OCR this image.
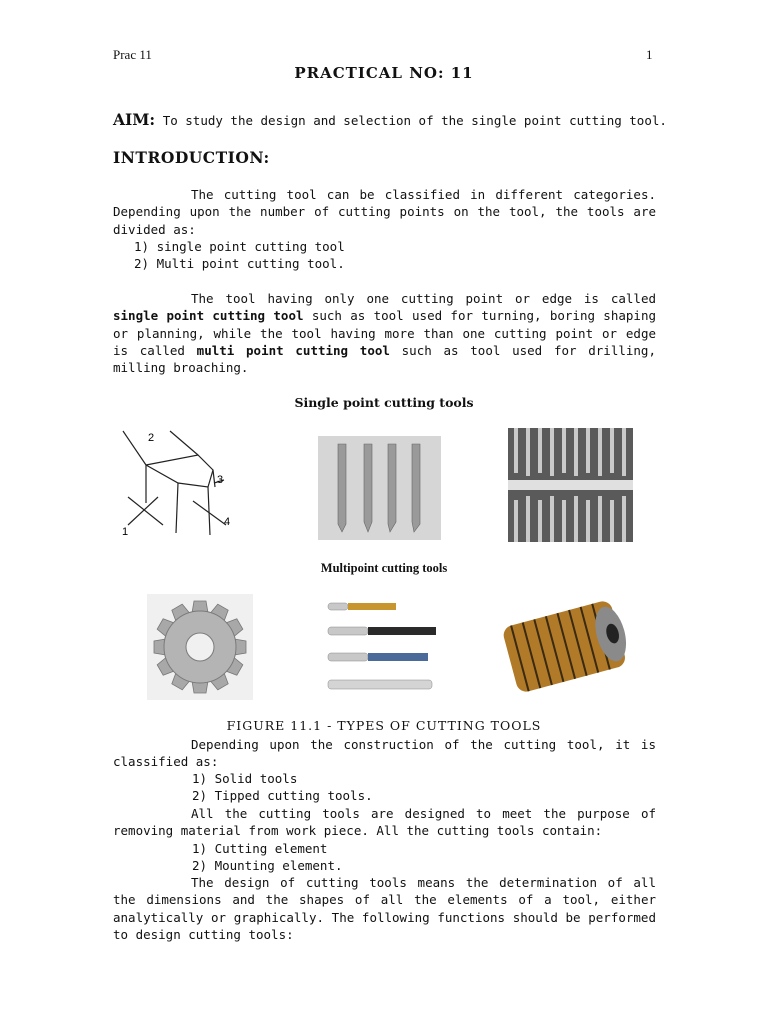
Prac 11	1
PRACTICAL NO: 11
AIM: To study the design and selection of the single point cutting tool.
INTRODUCTION:
The cutting tool can be classified in different categories. Depending upon the number of cutting points on the tool, the tools are divided as:
1) single point cutting tool
2) Multi point cutting tool.
The tool having only one cutting point or edge is called single point cutting tool such as tool used for turning, boring shaping or planning, while the tool having more than one cutting point or edge is called multi point cutting tool such as tool used for drilling, milling broaching.
Single point cutting tools
2
3
1
4
Multipoint cutting tools
FIGURE 11.1 - TYPES OF CUTTING TOOLS
Depending upon the construction of the cutting tool, it is classified as:
1) Solid tools
2) Tipped cutting tools.
All the cutting tools are designed to meet the purpose of removing material from work piece. All the cutting tools contain:
1) Cutting element
2) Mounting element.
The design of cutting tools means the determination of all the dimensions and the shapes of all the elements of a tool, either analytically or graphically. The following functions should be performed to design cutting tools:
